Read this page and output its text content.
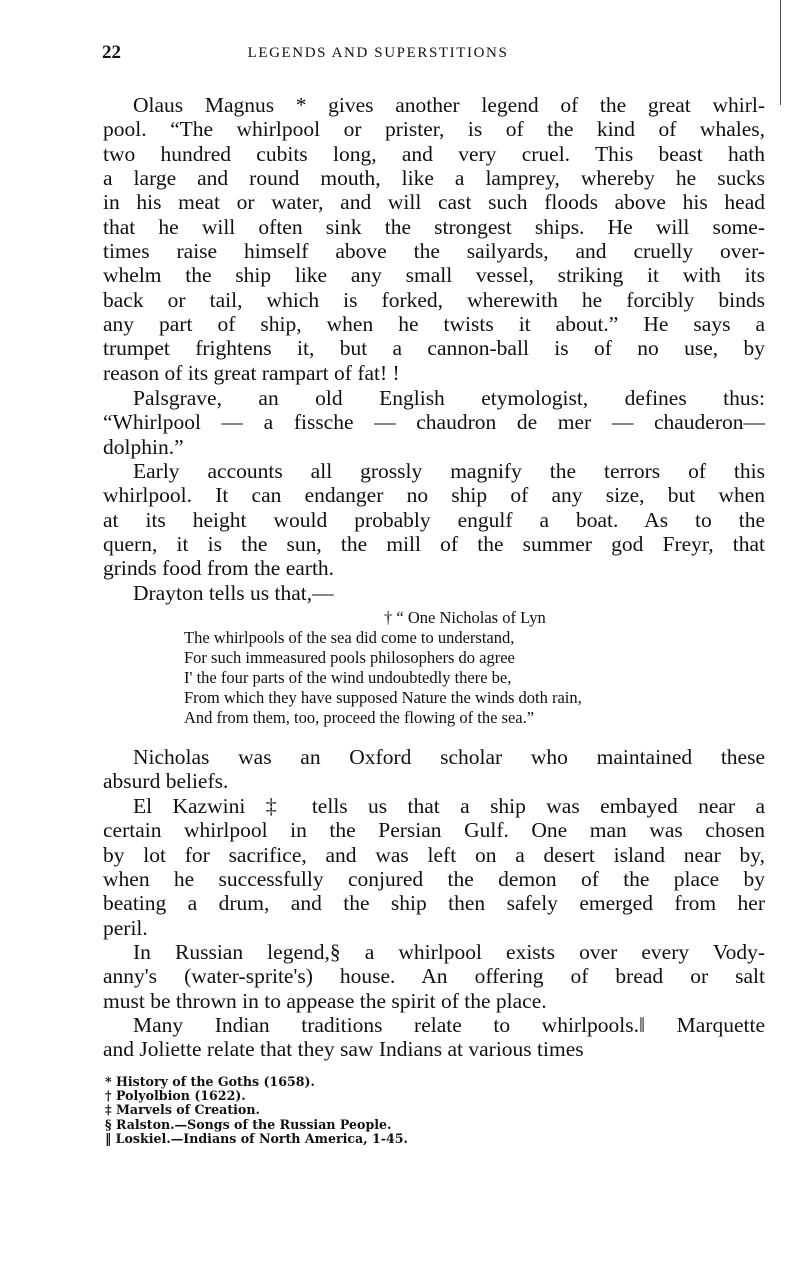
22	LEGENDS AND SUPERSTITIONS
Olaus Magnus * gives another legend of the great whirl-
pool. “The whirlpool or prister, is of the kind of whales,
two hundred cubits long, and very cruel. This beast hath
a large and round mouth, like a lamprey, whereby he sucks
in his meat or water, and will cast such floods above his head
that he will often sink the strongest ships. He will some-
times raise himself above the sailyards, and cruelly over-
whelm the ship like any small vessel, striking it with its
back or tail, which is forked, wherewith he forcibly binds
any part of ship, when he twists it about.” He says a
trumpet frightens it, but a cannon-ball is of no use, by
reason of its great rampart of fat! !
Palsgrave, an old English etymologist, defines thus:
“Whirlpool — a fissche — chaudron de mer — chauderon—
dolphin.”
Early accounts all grossly magnify the terrors of this
whirlpool. It can endanger no ship of any size, but when
at its height would probably engulf a boat. As to the
quern, it is the sun, the mill of the summer god Freyr, that
grinds food from the earth.
Drayton tells us that,—
† “ One Nicholas of Lyn
The whirlpools of the sea did come to understand,
For such immeasured pools philosophers do agree
I' the four parts of the wind undoubtedly there be,
From which they have supposed Nature the winds doth rain,
And from them, too, proceed the flowing of the sea.”
Nicholas was an Oxford scholar who maintained these
absurd beliefs.
El Kazwini ‡ tells us that a ship was embayed near a
certain whirlpool in the Persian Gulf. One man was chosen
by lot for sacrifice, and was left on a desert island near by,
when he successfully conjured the demon of the place by
beating a drum, and the ship then safely emerged from her
peril.
In Russian legend,§ a whirlpool exists over every Vody-
anny's (water-sprite's) house. An offering of bread or salt
must be thrown in to appease the spirit of the place.
Many Indian traditions relate to whirlpools.‖ Marquette
and Joliette relate that they saw Indians at various times
* History of the Goths (1658).
† Polyolbion (1622).
‡ Marvels of Creation.
§ Ralston.—Songs of the Russian People.
‖ Loskiel.—Indians of North America, 1-45.
